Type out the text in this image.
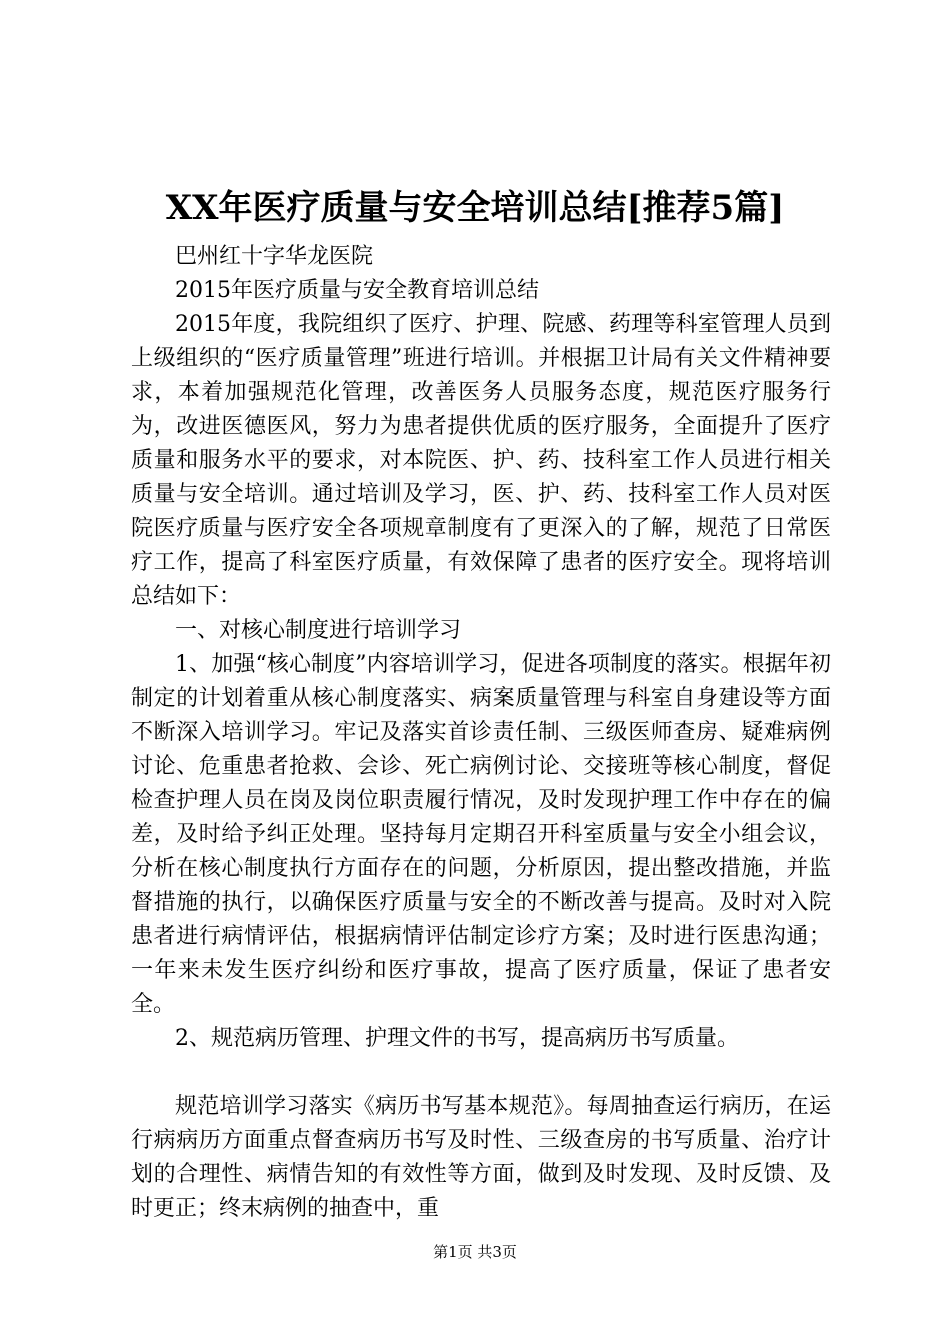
XX年医疗质量与安全培训总结[推荐5篇]

巴州红十字华龙医院

2015年医疗质量与安全教育培训总结

2015年度，我院组织了医疗、护理、院感、药理等科室管理人员到上级组织的“医疗质量管理”班进行培训。并根据卫计局有关文件精神要求，本着加强规范化管理，改善医务人员服务态度，规范医疗服务行为，改进医德医风，努力为患者提供优质的医疗服务，全面提升了医疗质量和服务水平的要求，对本院医、护、药、技科室工作人员进行相关质量与安全培训。通过培训及学习，医、护、药、技科室工作人员对医院医疗质量与医疗安全各项规章制度有了更深入的了解，规范了日常医疗工作，提高了科室医疗质量，有效保障了患者的医疗安全。现将培训总结如下：

一、对核心制度进行培训学习

1、加强“核心制度”内容培训学习，促进各项制度的落实。根据年初制定的计划着重从核心制度落实、病案质量管理与科室自身建设等方面不断深入培训学习。牢记及落实首诊责任制、三级医师查房、疑难病例讨论、危重患者抢救、会诊、死亡病例讨论、交接班等核心制度，督促检查护理人员在岗及岗位职责履行情况，及时发现护理工作中存在的偏差，及时给予纠正处理。坚持每月定期召开科室质量与安全小组会议，分析在核心制度执行方面存在的问题，分析原因，提出整改措施，并监督措施的执行，以确保医疗质量与安全的不断改善与提高。及时对入院患者进行病情评估，根据病情评估制定诊疗方案；及时进行医患沟通；一年来未发生医疗纠纷和医疗事故，提高了医疗质量，保证了患者安全。

2、规范病历管理、护理文件的书写，提高病历书写质量。

规范培训学习落实《病历书写基本规范》。每周抽查运行病历，在运行病病历方面重点督查病历书写及时性、三级查房的书写质量、治疗计划的合理性、病情告知的有效性等方面，做到及时发现、及时反馈、及时更正；终末病例的抽查中，重

第1页 共3页
